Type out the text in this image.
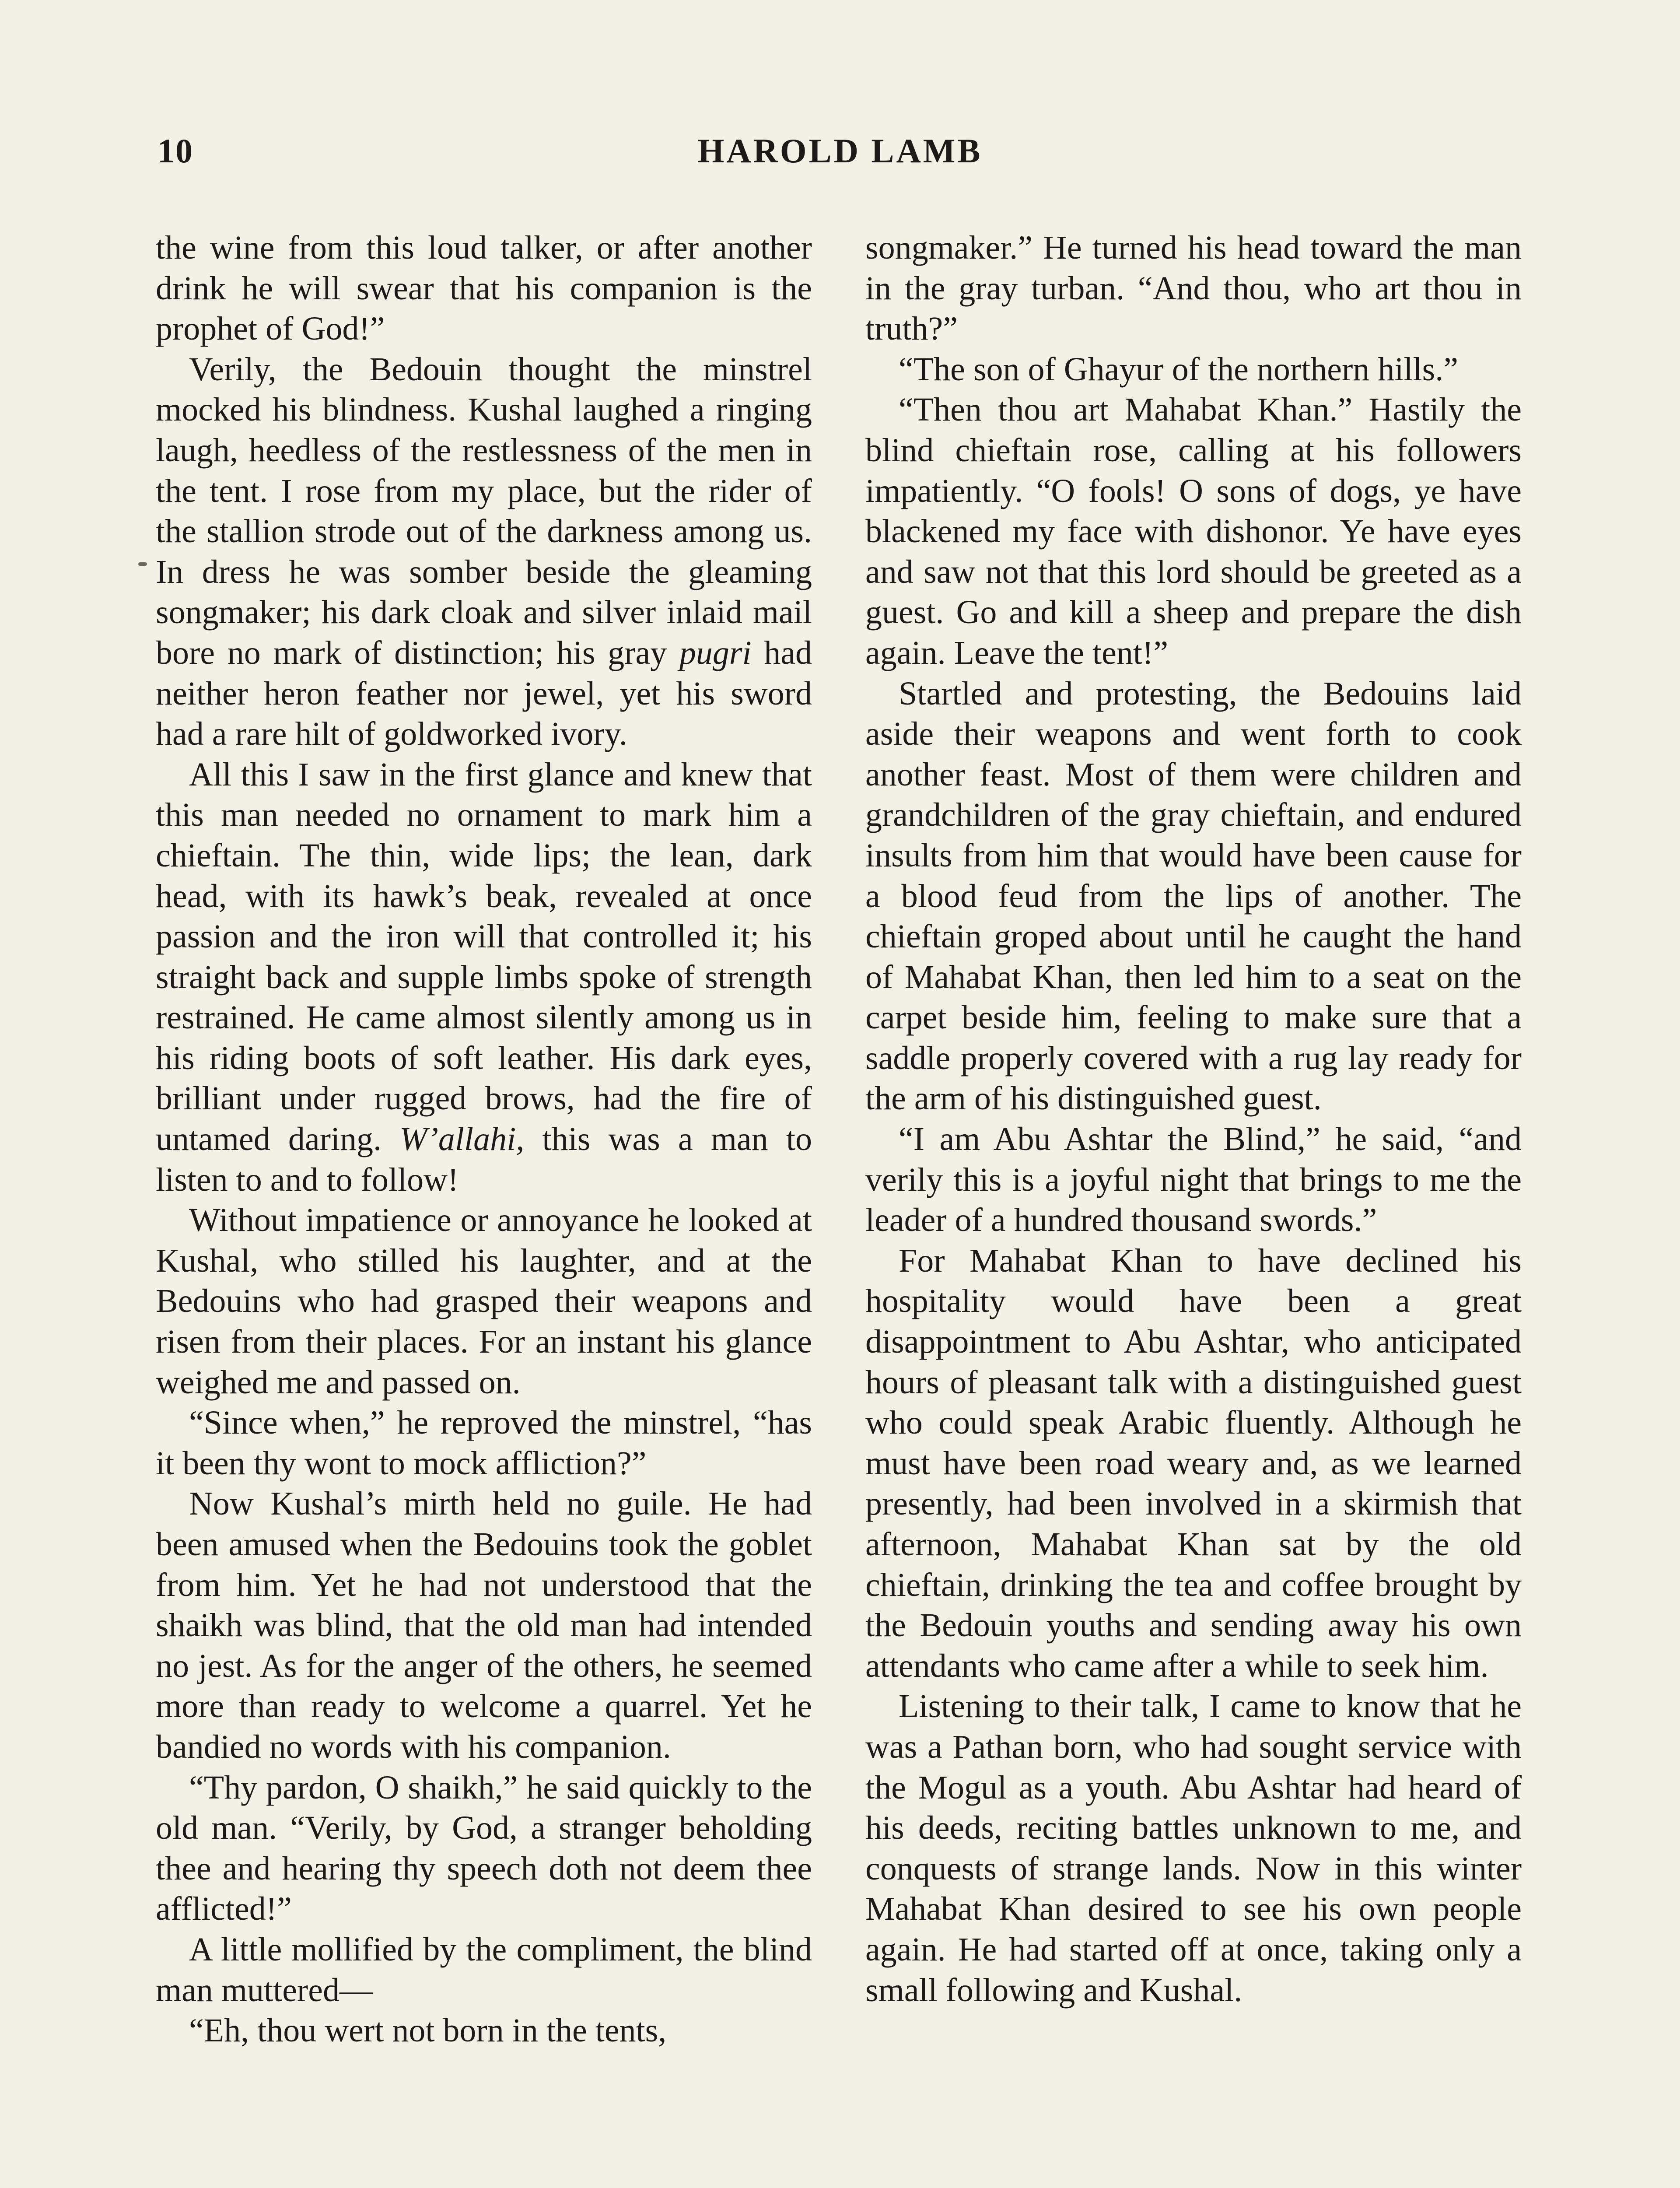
10	HAROLD LAMB

the wine from this loud talker, or after another drink he will swear that his companion is the prophet of God!”

Verily, the Bedouin thought the minstrel mocked his blindness. Kushal laughed a ringing laugh, heedless of the restlessness of the men in the tent. I rose from my place, but the rider of the stallion strode out of the darkness among us. In dress he was somber beside the gleaming songmaker; his dark cloak and silver inlaid mail bore no mark of distinction; his gray pugri had neither heron feather nor jewel, yet his sword had a rare hilt of goldworked ivory.

All this I saw in the first glance and knew that this man needed no ornament to mark him a chieftain. The thin, wide lips; the lean, dark head, with its hawk’s beak, revealed at once passion and the iron will that controlled it; his straight back and supple limbs spoke of strength restrained. He came almost silently among us in his riding boots of soft leather. His dark eyes, brilliant under rugged brows, had the fire of untamed daring. W’allahi, this was a man to listen to and to follow!

Without impatience or annoyance he looked at Kushal, who stilled his laughter, and at the Bedouins who had grasped their weapons and risen from their places. For an instant his glance weighed me and passed on.

“Since when,” he reproved the minstrel, “has it been thy wont to mock affliction?”

Now Kushal’s mirth held no guile. He had been amused when the Bedouins took the goblet from him. Yet he had not understood that the shaikh was blind, that the old man had intended no jest. As for the anger of the others, he seemed more than ready to welcome a quarrel. Yet he bandied no words with his companion.

“Thy pardon, O shaikh,” he said quickly to the old man. “Verily, by God, a stranger beholding thee and hearing thy speech doth not deem thee afflicted!”

A little mollified by the compliment, the blind man muttered—

“Eh, thou wert not born in the tents,

songmaker.” He turned his head toward the man in the gray turban. “And thou, who art thou in truth?”

“The son of Ghayur of the northern hills.”

“Then thou art Mahabat Khan.” Hastily the blind chieftain rose, calling at his followers impatiently. “O fools! O sons of dogs, ye have blackened my face with dishonor. Ye have eyes and saw not that this lord should be greeted as a guest. Go and kill a sheep and prepare the dish again. Leave the tent!”

Startled and protesting, the Bedouins laid aside their weapons and went forth to cook another feast. Most of them were children and grandchildren of the gray chieftain, and endured insults from him that would have been cause for a blood feud from the lips of another. The chieftain groped about until he caught the hand of Mahabat Khan, then led him to a seat on the carpet beside him, feeling to make sure that a saddle properly covered with a rug lay ready for the arm of his distinguished guest.

“I am Abu Ashtar the Blind,” he said, “and verily this is a joyful night that brings to me the leader of a hundred thousand swords.”

For Mahabat Khan to have declined his hospitality would have been a great disappointment to Abu Ashtar, who anticipated hours of pleasant talk with a distinguished guest who could speak Arabic fluently. Although he must have been road weary and, as we learned presently, had been involved in a skirmish that afternoon, Mahabat Khan sat by the old chieftain, drinking the tea and coffee brought by the Bedouin youths and sending away his own attendants who came after a while to seek him.

Listening to their talk, I came to know that he was a Pathan born, who had sought service with the Mogul as a youth. Abu Ashtar had heard of his deeds, reciting battles unknown to me, and conquests of strange lands. Now in this winter Mahabat Khan desired to see his own people again. He had started off at once, taking only a small following and Kushal.
